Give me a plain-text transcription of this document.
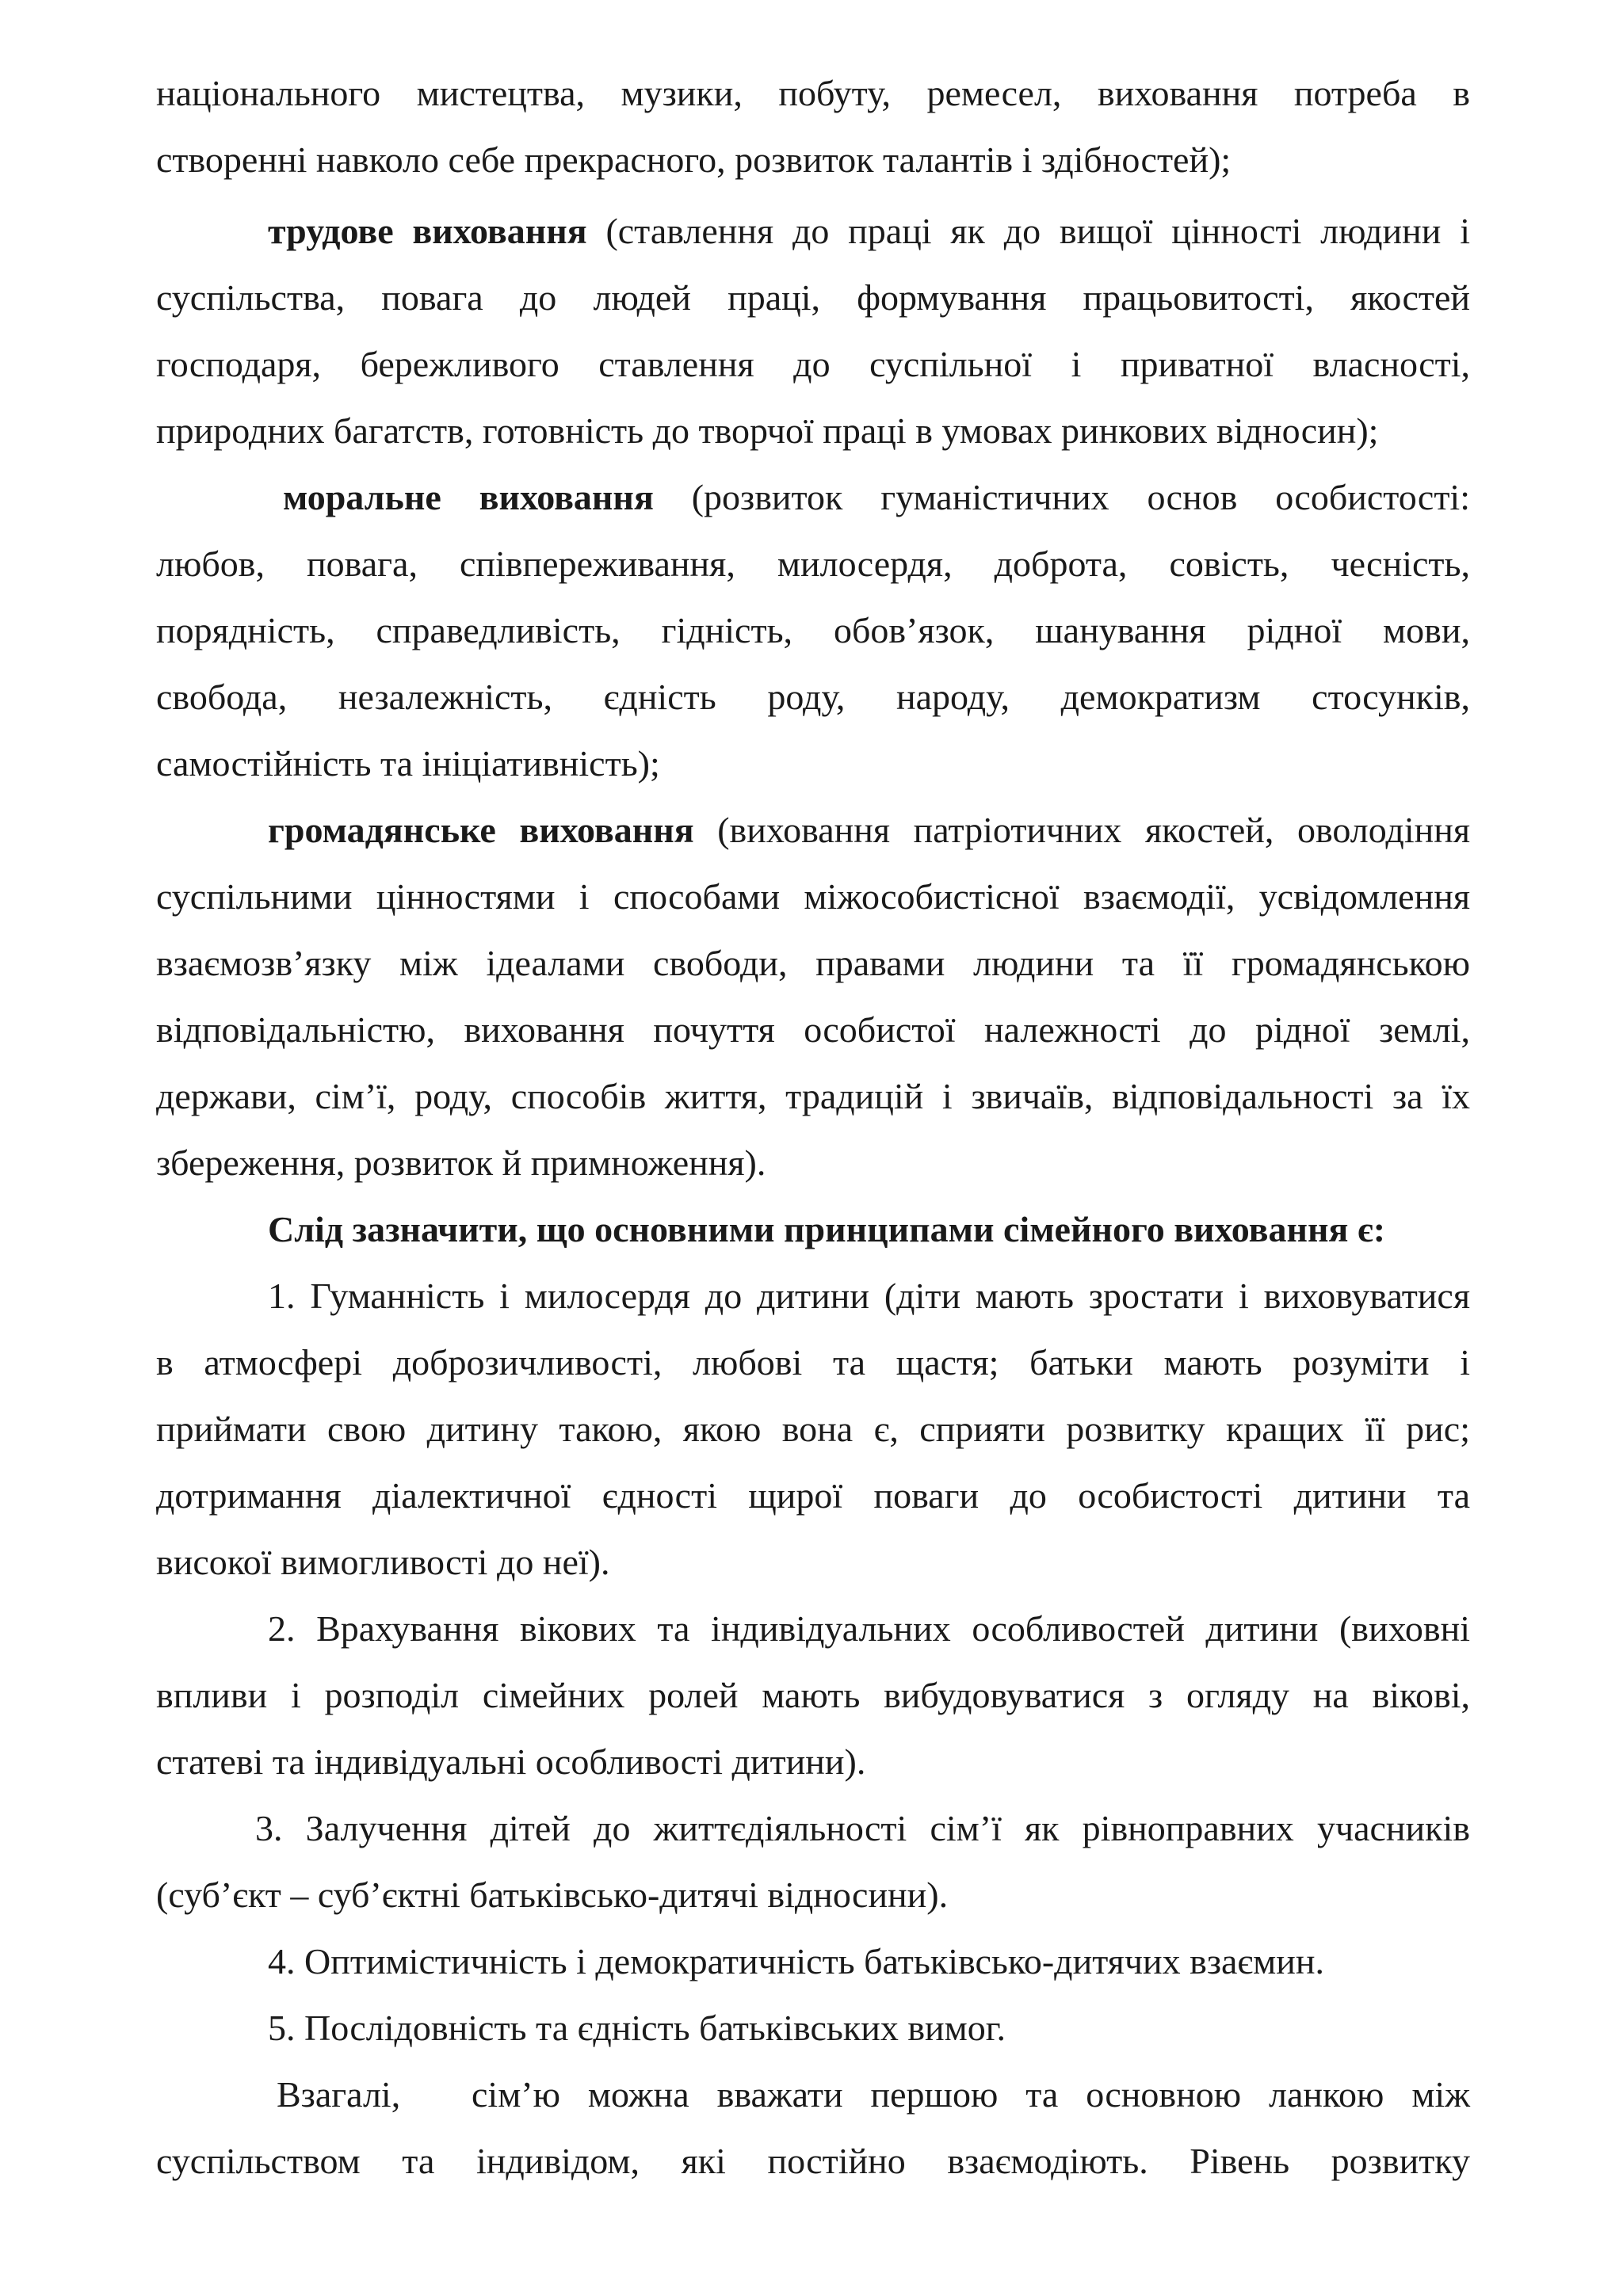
національного мистецтва, музики, побуту, ремесел, виховання потреба в

створенні навколо себе прекрасного, розвиток талантів і здібностей);

трудове виховання (ставлення до праці як до вищої цінності людини і

суспільства, повага до людей праці, формування працьовитості, якостей

господаря, бережливого ставлення до суспільної і приватної власності,

природних багатств, готовність до творчої праці в умовах ринкових відносин);

моральне виховання (розвиток гуманістичних основ особистості:

любов, повага, співпереживання, милосердя, доброта, совість, чесність,

порядність, справедливість, гідність, обов’язок, шанування рідної мови,

свобода, незалежність, єдність роду, народу, демократизм стосунків,

самостійність та ініціативність);

громадянське виховання (виховання патріотичних якостей, оволодіння

суспільними цінностями і способами міжособистісної взаємодії, усвідомлення

взаємозв’язку між ідеалами свободи, правами людини та її громадянською

відповідальністю, виховання почуття особистої належності до рідної землі,

держави, сім’ї, роду, способів життя, традицій і звичаїв, відповідальності за їх

збереження, розвиток й примноження).

Слід зазначити, що основними принципами сімейного виховання є:

1. Гуманність і милосердя до дитини (діти мають зростати і виховуватися

в атмосфері доброзичливості, любові та щастя; батьки мають розуміти і

приймати свою дитину такою, якою вона є, сприяти розвитку кращих її рис;

дотримання діалектичної єдності щирої поваги до особистості дитини та

високої вимогливості до неї).

2. Врахування вікових та індивідуальних особливостей дитини (виховні

впливи і розподіл сімейних ролей мають вибудовуватися з огляду на вікові,

статеві та індивідуальні особливості дитини).

3. Залучення дітей до життєдіяльності сім’ї як рівноправних учасників

(суб’єкт – суб’єктні батьківсько-дитячі відносини).

4. Оптимістичність і демократичність батьківсько-дитячих взаємин.

5. Послідовність та єдність батьківських вимог.

Взагалі, сім’ю можна вважати першою та основною ланкою між

суспільством та індивідом, які постійно взаємодіють. Рівень розвитку
